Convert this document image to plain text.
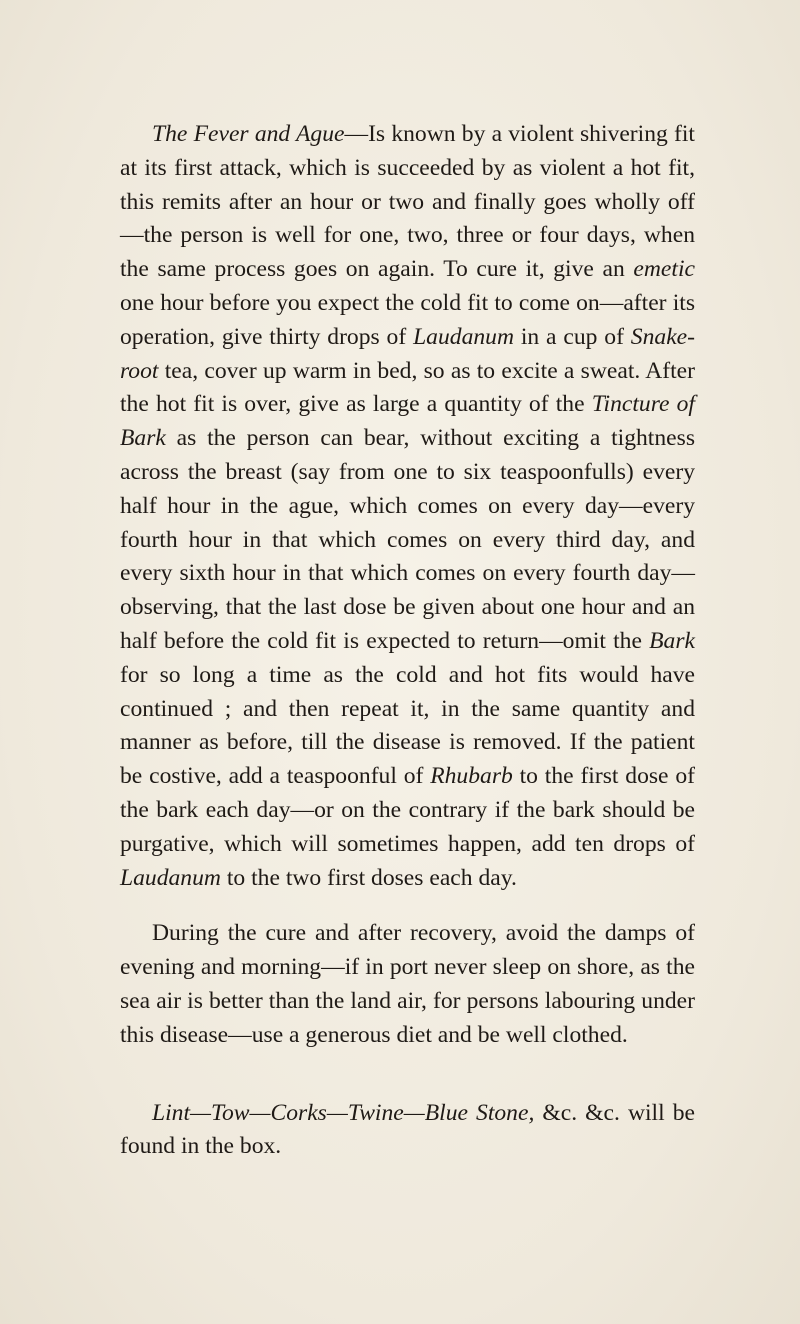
The Fever and Ague—Is known by a violent shivering fit at its first attack, which is succeeded by as violent a hot fit, this remits after an hour or two and finally goes wholly off—the person is well for one, two, three or four days, when the same process goes on again. To cure it, give an emetic one hour before you expect the cold fit to come on—after its operation, give thirty drops of Laudanum in a cup of Snake-root tea, cover up warm in bed, so as to excite a sweat. After the hot fit is over, give as large a quantity of the Tincture of Bark as the person can bear, without exciting a tightness across the breast (say from one to six teaspoonfulls) every half hour in the ague, which comes on every day—every fourth hour in that which comes on every third day, and every sixth hour in that which comes on every fourth day—observing, that the last dose be given about one hour and an half before the cold fit is expected to return—omit the Bark for so long a time as the cold and hot fits would have continued ; and then repeat it, in the same quantity and manner as before, till the disease is removed. If the patient be costive, add a teaspoonful of Rhubarb to the first dose of the bark each day—or on the contrary if the bark should be purgative, which will sometimes happen, add ten drops of Laudanum to the two first doses each day.

During the cure and after recovery, avoid the damps of evening and morning—if in port never sleep on shore, as the sea air is better than the land air, for persons labouring under this disease—use a generous diet and be well clothed.

Lint—Tow—Corks—Twine—Blue Stone, &c. &c. will be found in the box.
